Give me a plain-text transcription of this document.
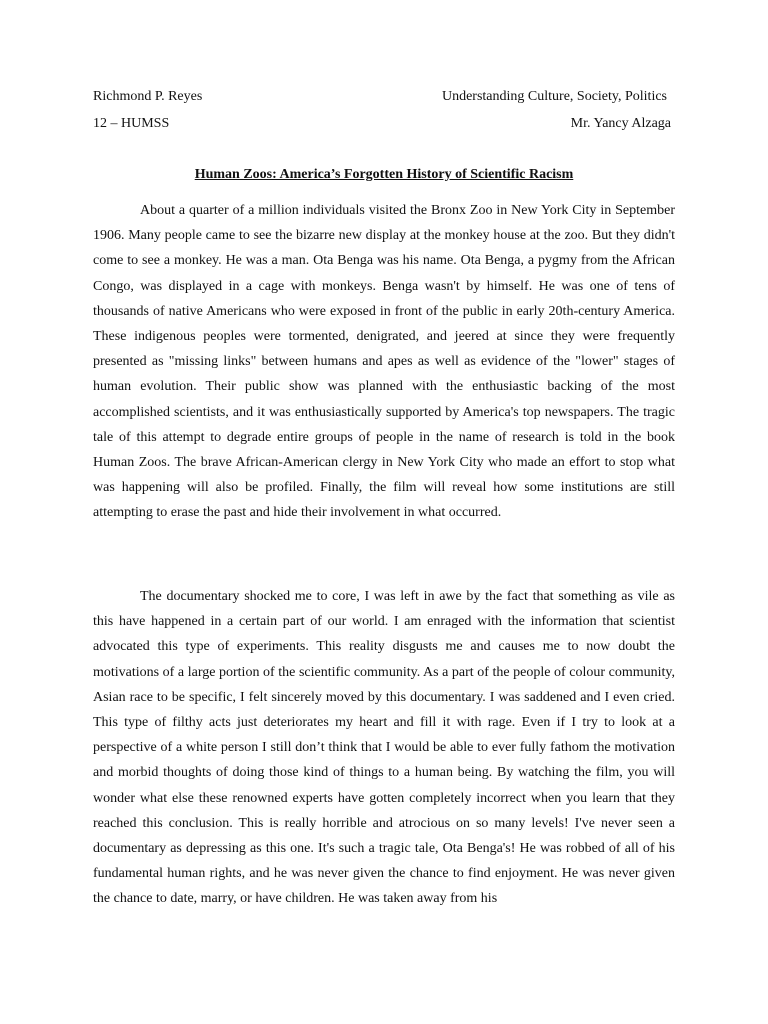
Richmond P. Reyes	Understanding Culture, Society, Politics
12 – HUMSS	Mr. Yancy Alzaga
Human Zoos: America’s Forgotten History of Scientific Racism

About a quarter of a million individuals visited the Bronx Zoo in New York City in September 1906. Many people came to see the bizarre new display at the monkey house at the zoo. But they didn't come to see a monkey. He was a man. Ota Benga was his name. Ota Benga, a pygmy from the African Congo, was displayed in a cage with monkeys. Benga wasn't by himself. He was one of tens of thousands of native Americans who were exposed in front of the public in early 20th-century America. These indigenous peoples were tormented, denigrated, and jeered at since they were frequently presented as "missing links" between humans and apes as well as evidence of the "lower" stages of human evolution. Their public show was planned with the enthusiastic backing of the most accomplished scientists, and it was enthusiastically supported by America's top newspapers. The tragic tale of this attempt to degrade entire groups of people in the name of research is told in the book Human Zoos. The brave African-American clergy in New York City who made an effort to stop what was happening will also be profiled. Finally, the film will reveal how some institutions are still attempting to erase the past and hide their involvement in what occurred.

The documentary shocked me to core, I was left in awe by the fact that something as vile as this have happened in a certain part of our world. I am enraged with the information that scientist advocated this type of experiments. This reality disgusts me and causes me to now doubt the motivations of a large portion of the scientific community. As a part of the people of colour community, Asian race to be specific, I felt sincerely moved by this documentary. I was saddened and I even cried. This type of filthy acts just deteriorates my heart and fill it with rage. Even if I try to look at a perspective of a white person I still don’t think that I would be able to ever fully fathom the motivation and morbid thoughts of doing those kind of things to a human being. By watching the film, you will wonder what else these renowned experts have gotten completely incorrect when you learn that they reached this conclusion. This is really horrible and atrocious on so many levels! I've never seen a documentary as depressing as this one. It's such a tragic tale, Ota Benga's! He was robbed of all of his fundamental human rights, and he was never given the chance to find enjoyment. He was never given the chance to date, marry, or have children. He was taken away from his
